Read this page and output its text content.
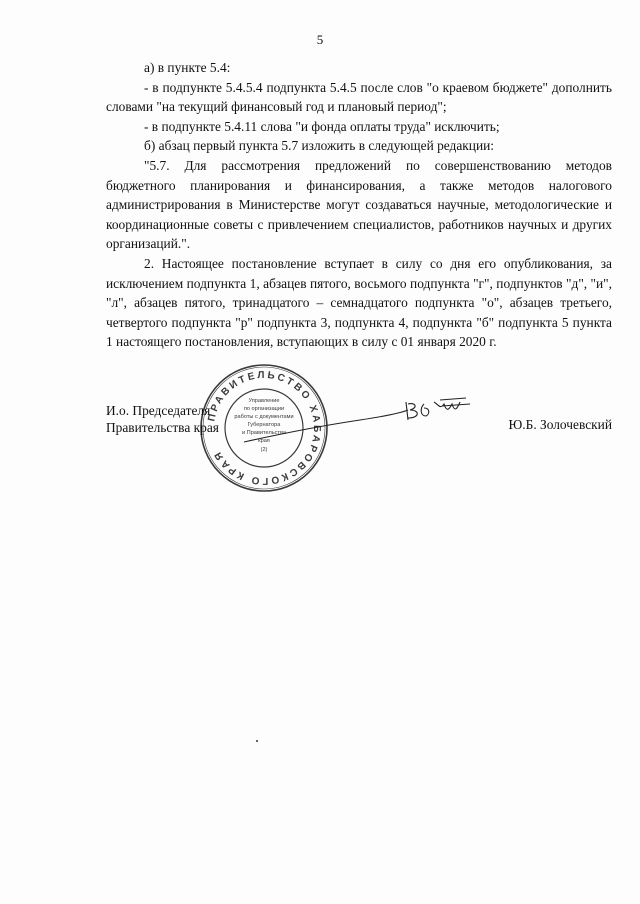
5

а) в пункте 5.4:

- в подпункте 5.4.5.4 подпункта 5.4.5 после слов "о краевом бюджете" дополнить словами "на текущий финансовый год и плановый период";

- в подпункте 5.4.11 слова "и фонда оплаты труда" исключить;

б) абзац первый пункта 5.7 изложить в следующей редакции:

"5.7. Для рассмотрения предложений по совершенствованию методов бюджетного планирования и финансирования, а также методов налогового администрирования в Министерстве могут создаваться научные, методологические и координационные советы с привлечением специалистов, работников научных и других организаций.".

2. Настоящее постановление вступает в силу со дня его опубликования, за исключением подпункта 1, абзацев пятого, восьмого подпункта "г", подпунктов "д", "и", "л", абзацев пятого, тринадцатого – семнадцатого подпункта "о", абзацев третьего, четвертого подпункта "р" подпункта 3, подпункта 4, подпункта "б" подпункта 5 пункта 1 настоящего постановления, вступающих в силу с 01 января 2020 г.

ПРАВИТЕЛЬСТВО ХАБАРОВСКОГО КРАЯ
Управление
по организации
работы с документами
Губернатора
и Правительства
края
(2)
И.о. Председателя
Правительства края	Ю.Б. Золочевский
